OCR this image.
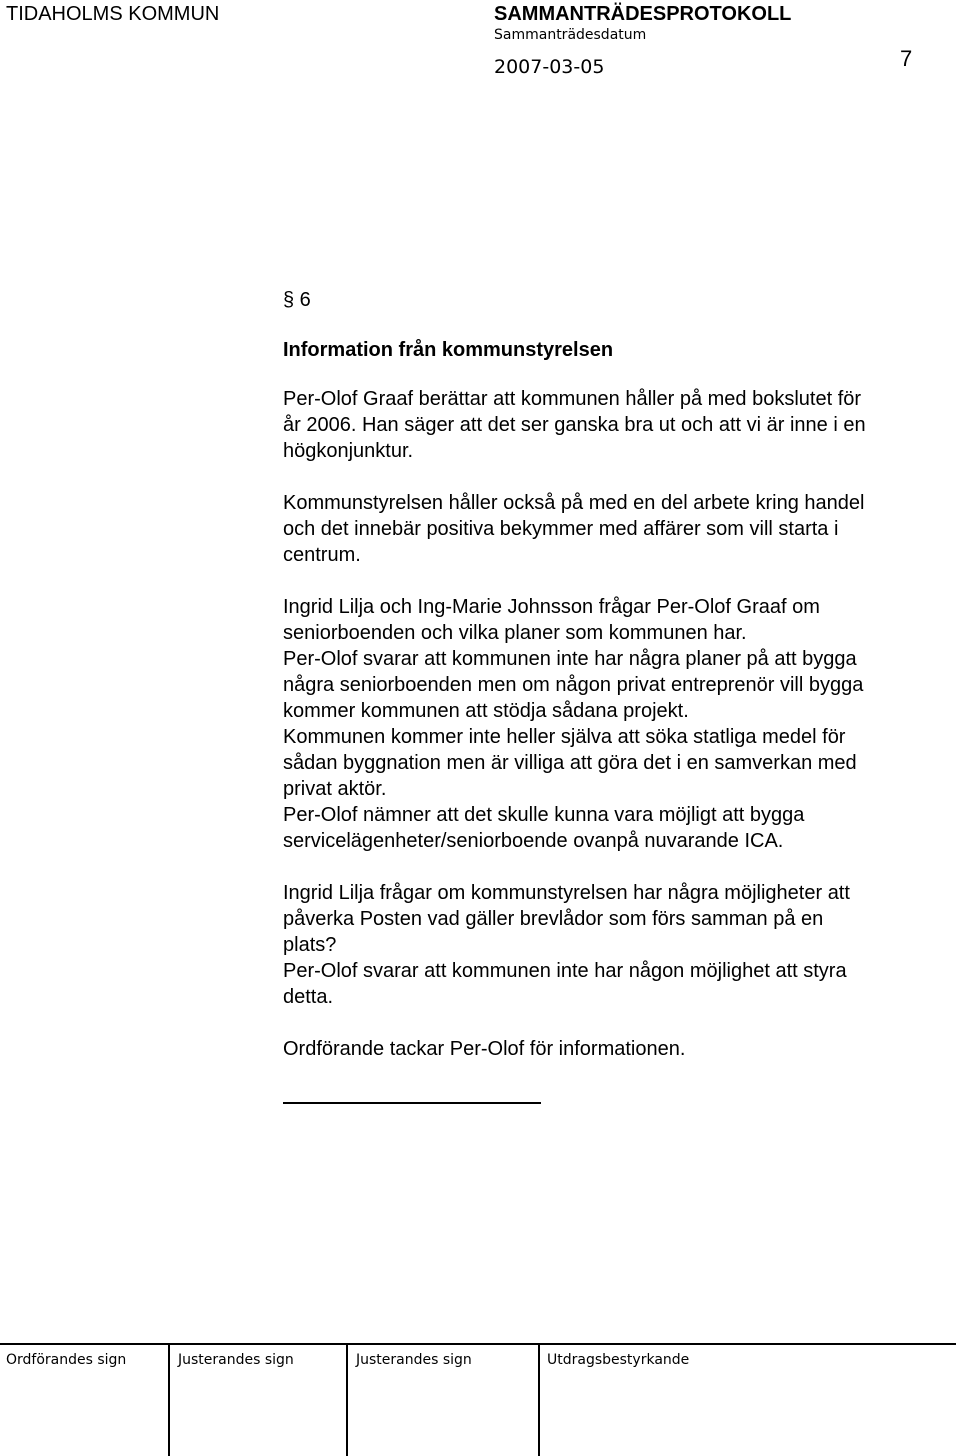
TIDAHOLMS KOMMUN	SAMMANTRÄDESPROTOKOLL
Sammanträdesdatum
2007-03-05	7
§ 6
Information från kommunstyrelsen

Per-Olof Graaf berättar att kommunen håller på med bokslutet för
år 2006. Han säger att det ser ganska bra ut och att vi är inne i en
högkonjunktur.

Kommunstyrelsen håller också på med en del arbete kring handel
och det innebär positiva bekymmer med affärer som vill starta i
centrum.

Ingrid Lilja och Ing-Marie Johnsson frågar Per-Olof Graaf om
seniorboenden och vilka planer som kommunen har.

Per-Olof svarar att kommunen inte har några planer på att bygga
några seniorboenden men om någon privat entreprenör vill bygga
kommer kommunen att stödja sådana projekt.

Kommunen kommer inte heller själva att söka statliga medel för
sådan byggnation men är villiga att göra det i en samverkan med
privat aktör.

Per-Olof nämner att det skulle kunna vara möjligt att bygga
servicelägenheter/seniorboende ovanpå nuvarande ICA.

Ingrid Lilja frågar om kommunstyrelsen har några möjligheter att
påverka Posten vad gäller brevlådor som förs samman på en
plats?

Per-Olof svarar att kommunen inte har någon möjlighet att styra
detta.

Ordförande tackar Per-Olof för informationen.

Ordförandes sign	Justerandes sign	Justerandes sign	Utdragsbestyrkande
